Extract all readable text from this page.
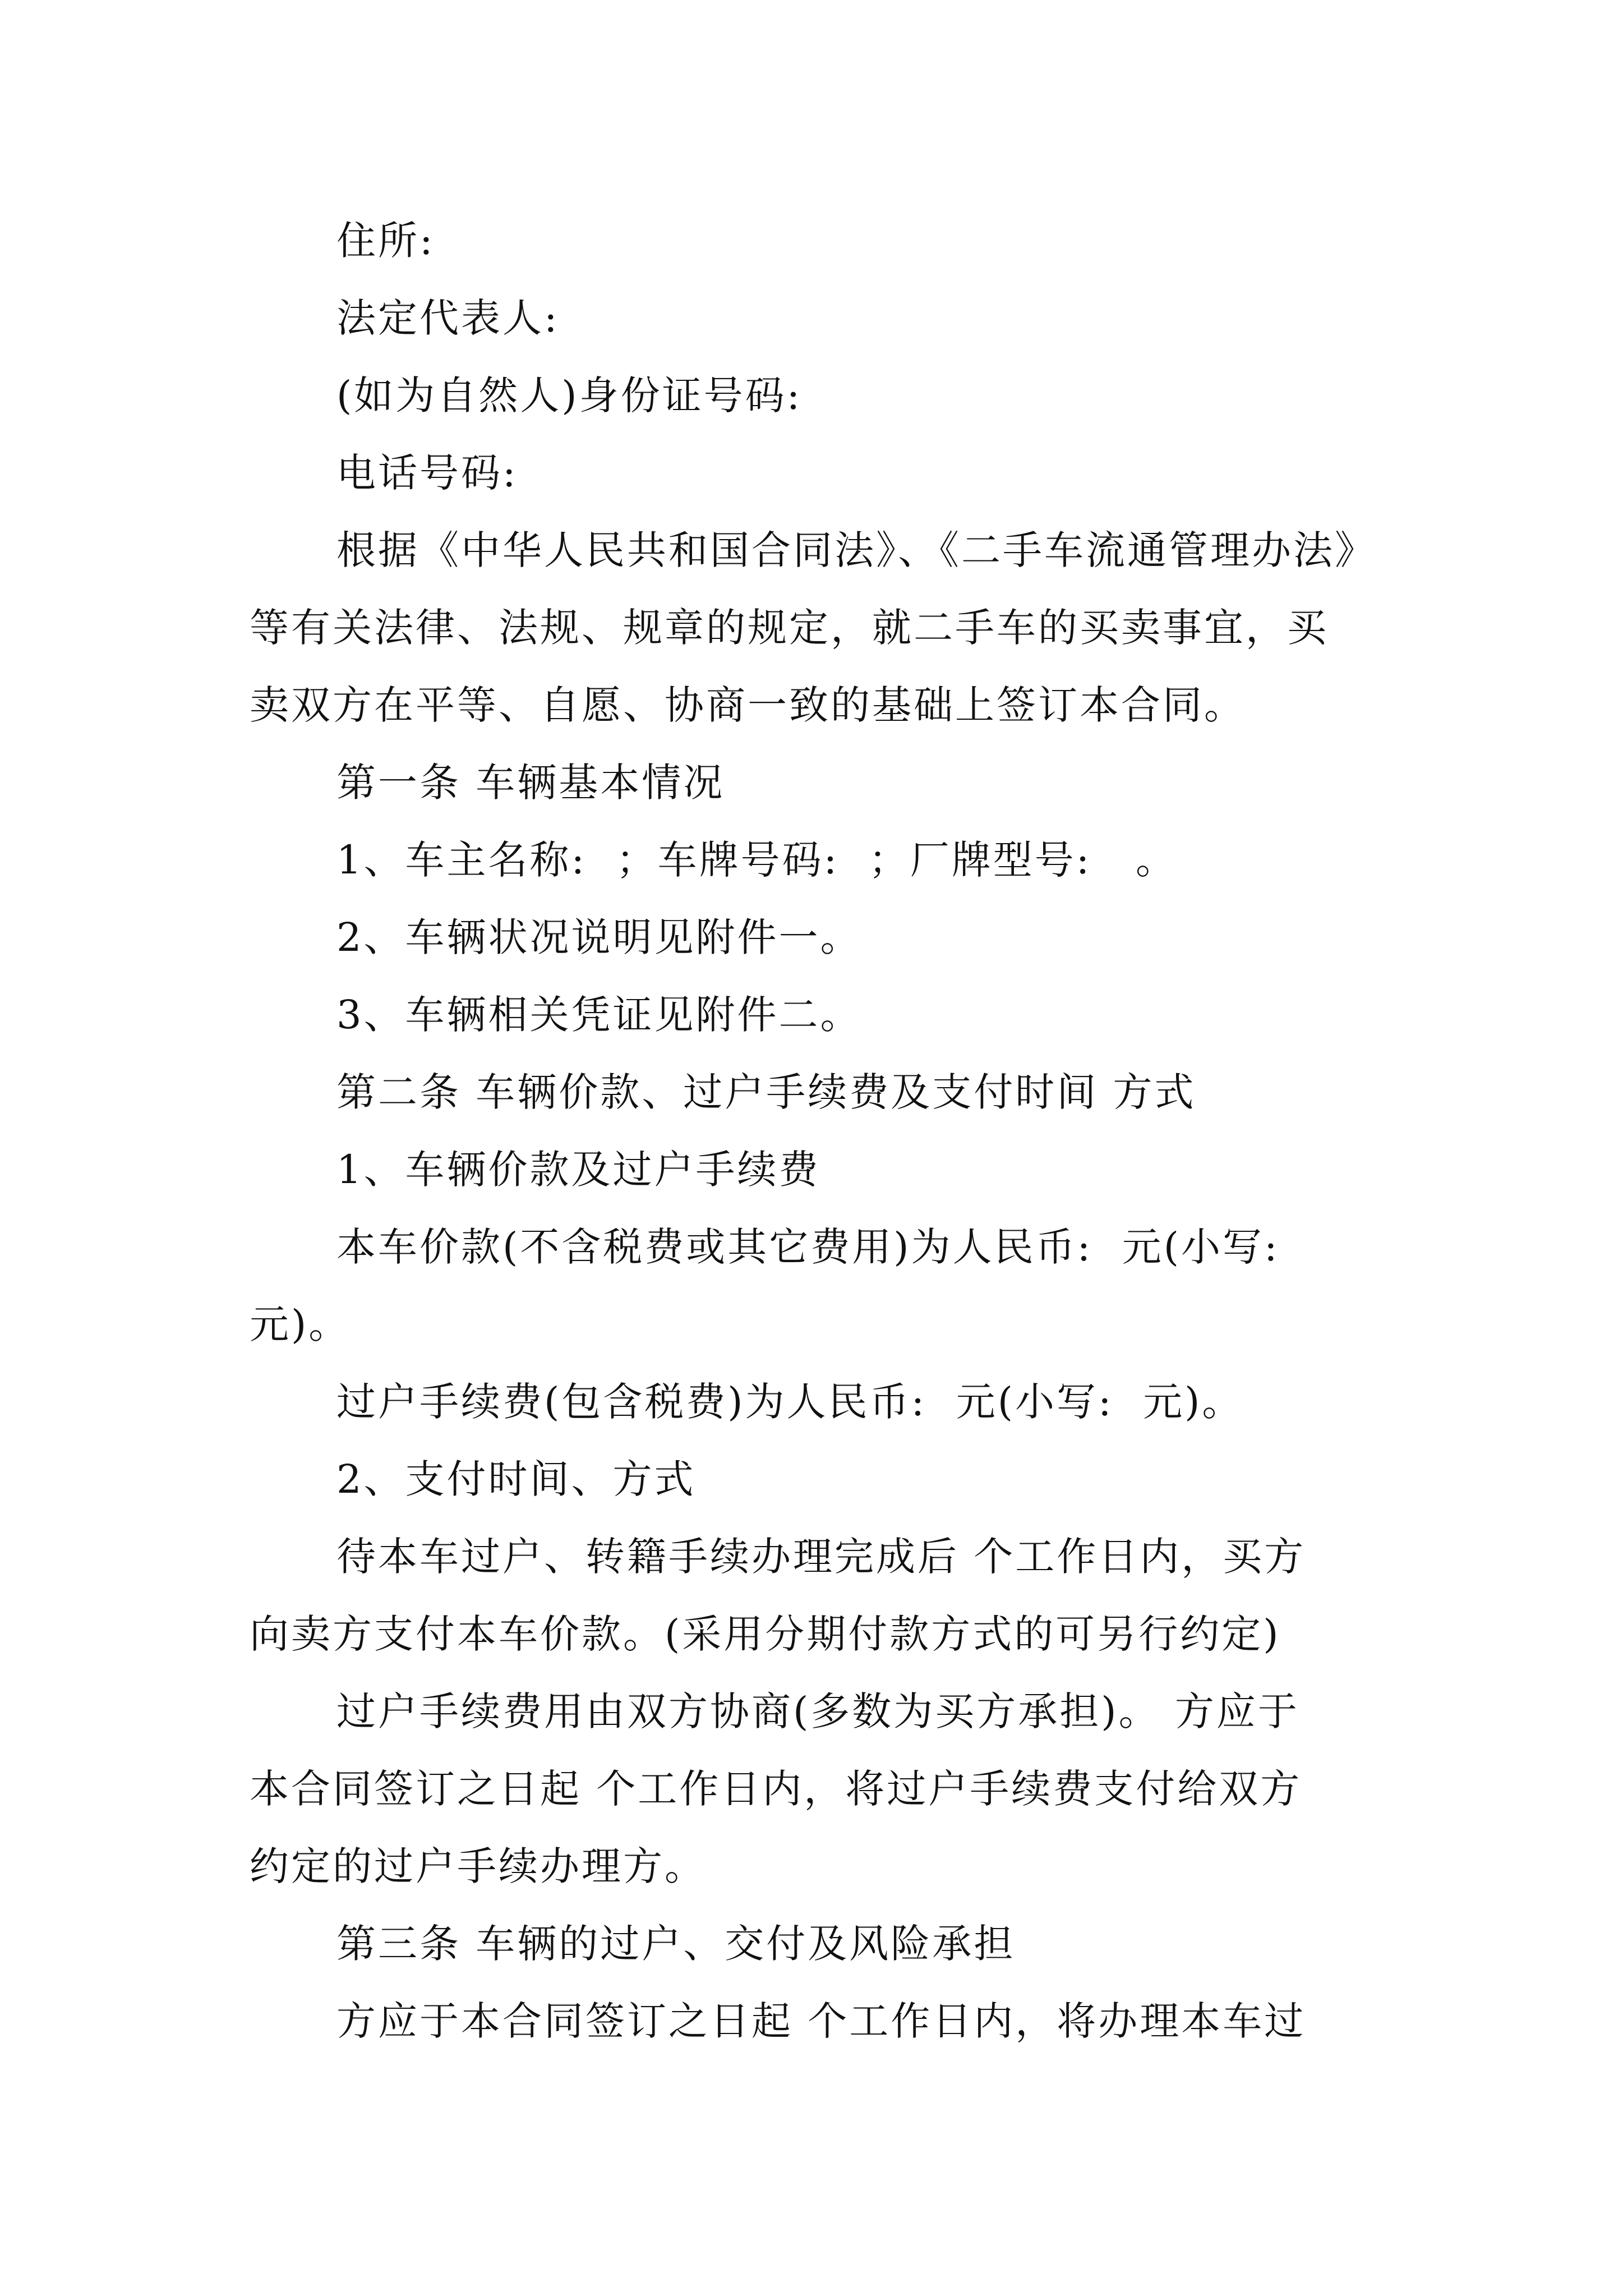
住所:
法定代表人:
(如为自然人)身份证号码:
电话号码:
根据《中华人民共和国合同法》、《二手车流通管理办法》
等有关法律、法规、规章的规定，就二手车的买卖事宜，买
卖双方在平等、自愿、协商一致的基础上签订本合同。
第一条 车辆基本情况
1、车主名称:  ；车牌号码:  ；厂牌型号:   。
2、车辆状况说明见附件一。
3、车辆相关凭证见附件二。
第二条 车辆价款、过户手续费及支付时间 方式
1、车辆价款及过户手续费
本车价款(不含税费或其它费用)为人民币:  元(小写:
元)。
过户手续费(包含税费)为人民币:  元(小写:  元)。
2、支付时间、方式
待本车过户、转籍手续办理完成后 个工作日内，买方
向卖方支付本车价款。(采用分期付款方式的可另行约定)
过户手续费用由双方协商(多数为买方承担)。 方应于
本合同签订之日起 个工作日内，将过户手续费支付给双方
约定的过户手续办理方。
第三条 车辆的过户、交付及风险承担
方应于本合同签订之日起 个工作日内，将办理本车过
